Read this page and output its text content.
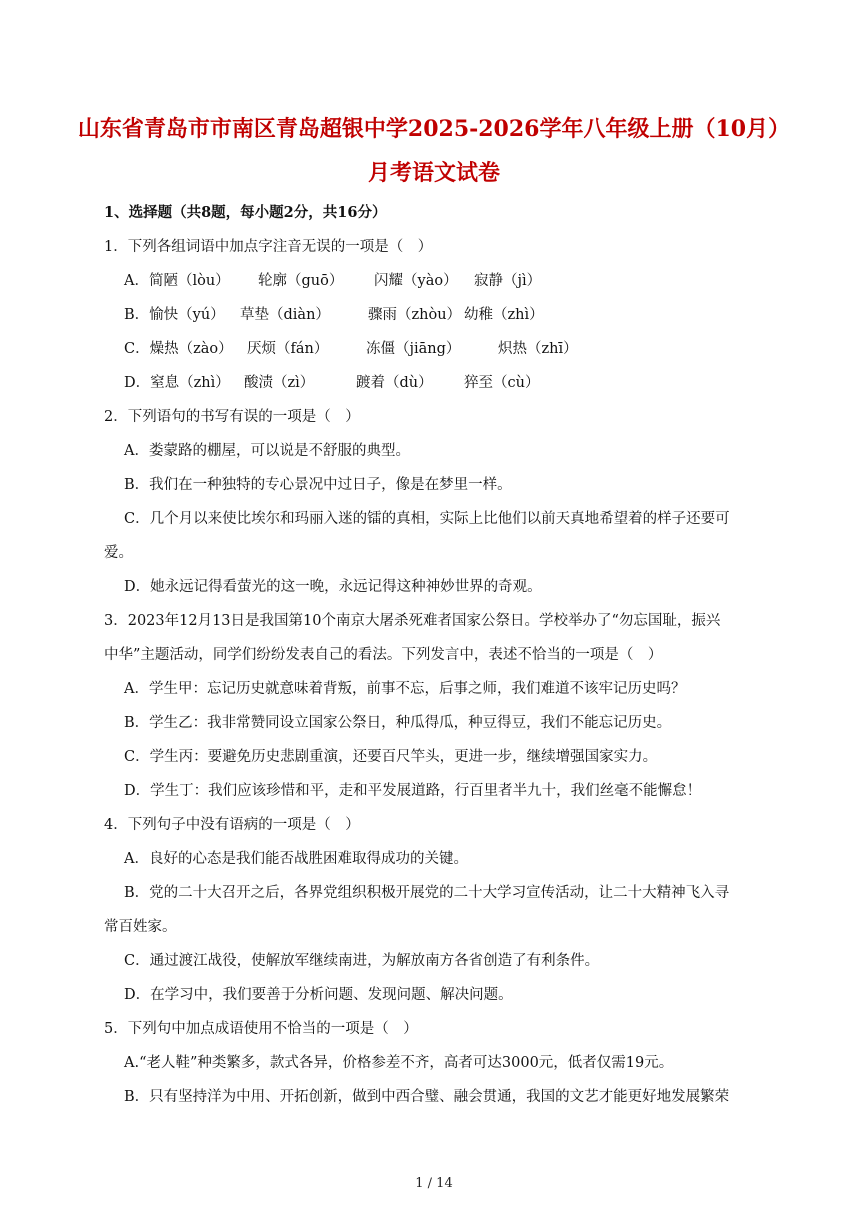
山东省青岛市市南区青岛超银中学2025-2026学年八年级上册（10月）
月考语文试卷
1、选择题（共8题，每小题2分，共16分）
1．下列各组词语中加点字注音无误的一项是（　）
A．简陋（lòu） 轮廓（guō） 闪耀（yào） 寂静（jì）
B．愉快（yú） 草垫（diàn）	骤雨（zhòu） 幼稚（zhì）
C．燥热（zào） 厌烦（fán）	冻僵（jiāng）	炽热（zhī）
D．窒息（zhì） 酸渍（zì）	踱着（dù） 猝至（cù）
2．下列语句的书写有误的一项是（　）
A．娄蒙路的棚屋，可以说是不舒服的典型。
B．我们在一种独特的专心景况中过日子，像是在梦里一样。
C．几个月以来使比埃尔和玛丽入迷的镭的真相，实际上比他们以前天真地希望着的样子还要可
爱。
D．她永远记得看萤光的这一晚，永远记得这种神妙世界的奇观。
3．2023年12月13日是我国第10个南京大屠杀死难者国家公祭日。学校举办了“勿忘国耻，振兴
中华”主题活动，同学们纷纷发表自己的看法。下列发言中，表述不恰当的一项是（　）
A．学生甲：忘记历史就意味着背叛，前事不忘，后事之师，我们难道不该牢记历史吗？
B．学生乙：我非常赞同设立国家公祭日，种瓜得瓜，种豆得豆，我们不能忘记历史。
C．学生丙：要避免历史悲剧重演，还要百尺竿头，更进一步，继续增强国家实力。
D．学生丁：我们应该珍惜和平，走和平发展道路，行百里者半九十，我们丝毫不能懈怠！
4．下列句子中没有语病的一项是（　）
A．良好的心态是我们能否战胜困难取得成功的关键。
B．党的二十大召开之后，各界党组织积极开展党的二十大学习宣传活动，让二十大精神飞入寻
常百姓家。
C．通过渡江战役，使解放军继续南进，为解放南方各省创造了有利条件。
D．在学习中，我们要善于分析问题、发现问题、解决问题。
5．下列句中加点成语使用不恰当的一项是（　）
A.“老人鞋”种类繁多，款式各异，价格参差不齐，高者可达3000元，低者仅需19元。
B．只有坚持洋为中用、开拓创新，做到中西合璧、融会贯通，我国的文艺才能更好地发展繁荣
1 / 14
